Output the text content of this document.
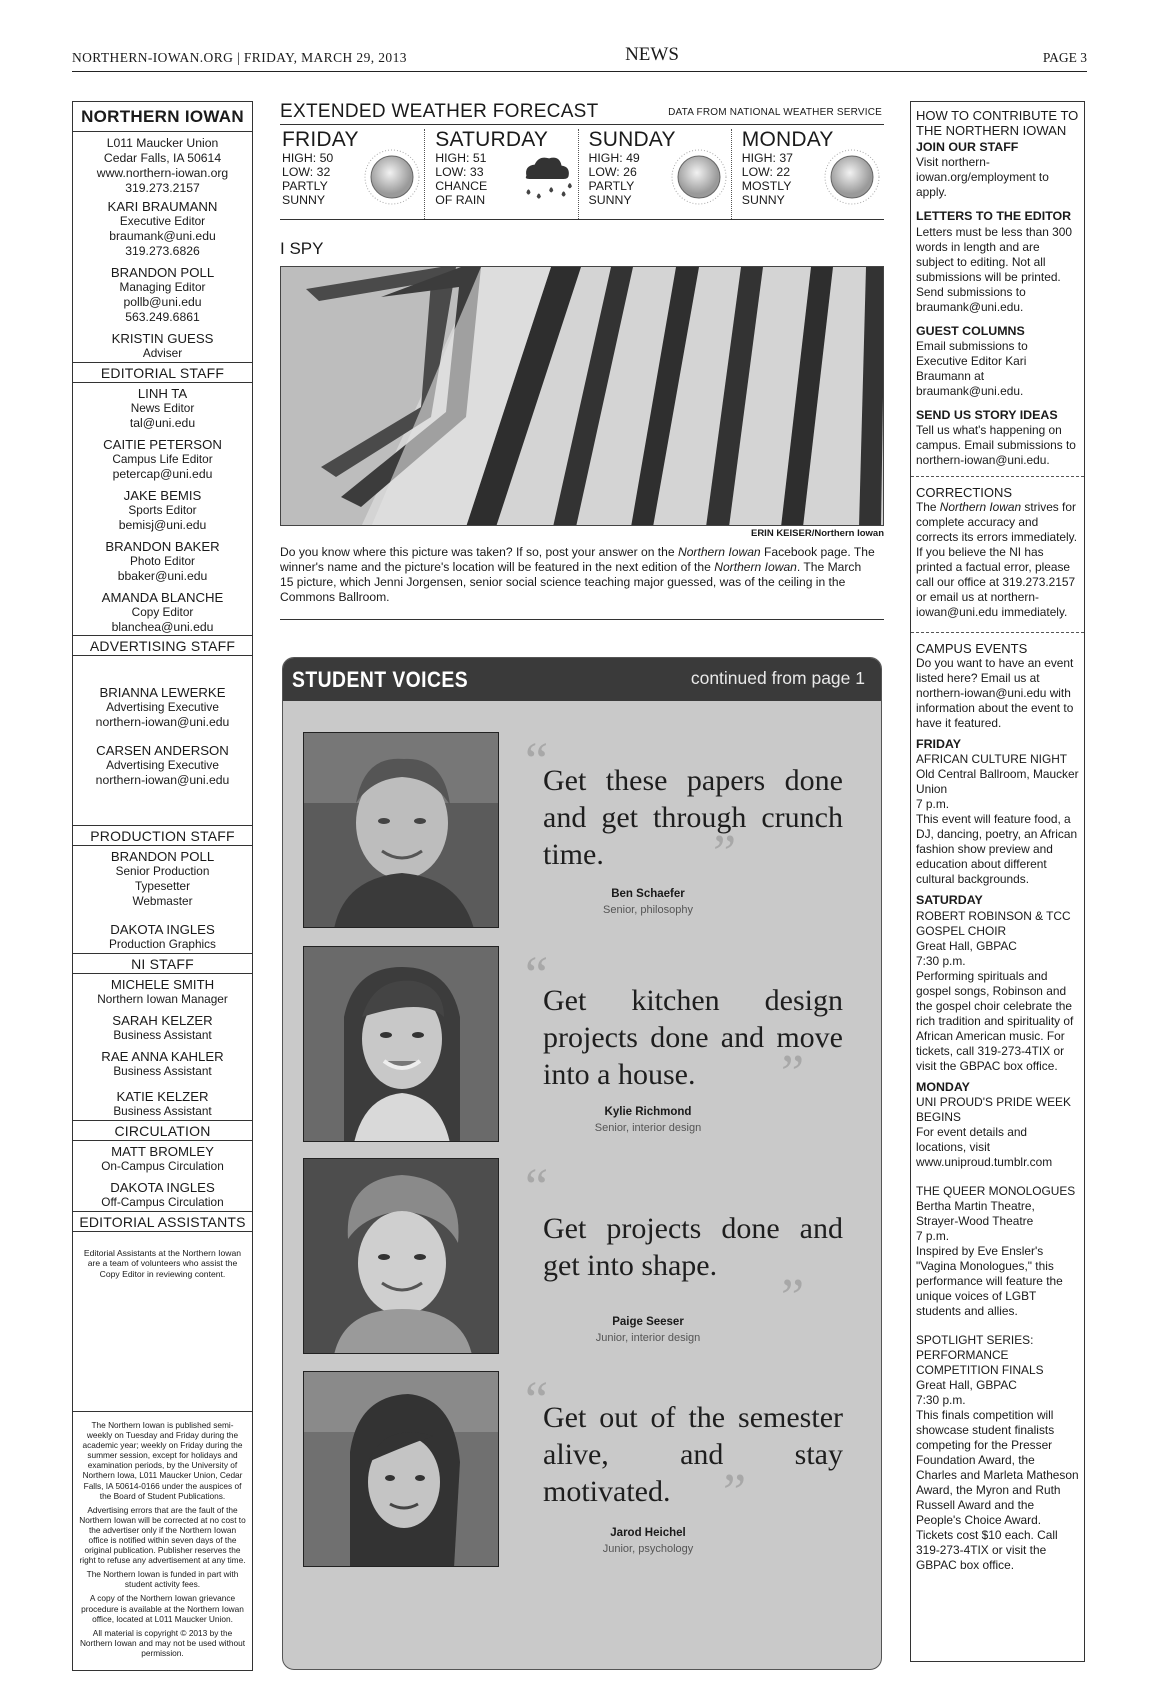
NORTHERN-IOWAN.ORG | FRIDAY, MARCH 29, 2013	NEWS	PAGE 3
NORTHERN IOWAN
L011 Maucker Union
Cedar Falls, IA 50614
www.northern-iowan.org
319.273.2157
KARI BRAUMANN
Executive Editor
braumank@uni.edu
319.273.6826
BRANDON POLL
Managing Editor
pollb@uni.edu
563.249.6861
KRISTIN GUESS
Adviser
EDITORIAL STAFF
LINH TA
News Editor
tal@uni.edu
CAITIE PETERSON
Campus Life Editor
petercap@uni.edu
JAKE BEMIS
Sports Editor
bemisj@uni.edu
BRANDON BAKER
Photo Editor
bbaker@uni.edu
AMANDA BLANCHE
Copy Editor
blanchea@uni.edu
ADVERTISING STAFF
BRIANNA LEWERKE
Advertising Executive
northern-iowan@uni.edu
CARSEN ANDERSON
Advertising Executive
northern-iowan@uni.edu
PRODUCTION STAFF
BRANDON POLL
Senior Production
Typesetter
Webmaster
DAKOTA INGLES
Production Graphics
NI STAFF
MICHELE SMITH
Northern Iowan Manager
SARAH KELZER
Business Assistant
RAE ANNA KAHLER
Business Assistant
KATIE KELZER
Business Assistant
CIRCULATION
MATT BROMLEY
On-Campus Circulation
DAKOTA INGLES
Off-Campus Circulation
EDITORIAL ASSISTANTS
Editorial Assistants at the Northern Iowan are a team of volunteers who assist the Copy Editor in reviewing content.

The Northern Iowan is published semi-weekly on Tuesday and Friday during the academic year; weekly on Friday during the summer session, except for holidays and examination periods, by the University of Northern Iowa, L011 Maucker Union, Cedar Falls, IA 50614-0166 under the auspices of the Board of Student Publications.

Advertising errors that are the fault of the Northern Iowan will be corrected at no cost to the advertiser only if the Northern Iowan office is notified within seven days of the original publication. Publisher reserves the right to refuse any advertisement at any time.

The Northern Iowan is funded in part with student activity fees.

A copy of the Northern Iowan grievance procedure is available at the Northern Iowan office, located at L011 Maucker Union.

All material is copyright © 2013 by the Northern Iowan and may not be used without permission.

EXTENDED WEATHER FORECAST	DATA FROM NATIONAL WEATHER SERVICE
FRIDAY
HIGH: 50
LOW: 32
PARTLY
SUNNY
SATURDAY
HIGH: 51
LOW: 33
CHANCE
OF RAIN
SUNDAY
HIGH: 49
LOW: 26
PARTLY
SUNNY
MONDAY
HIGH: 37
LOW: 22
MOSTLY
SUNNY
I SPY
ERIN KEISER/Northern Iowan
Do you know where this picture was taken? If so, post your answer on the Northern Iowan Facebook page. The winner's name and the picture's location will be featured in the next edition of the Northern Iowan. The March 15 picture, which Jenni Jorgensen, senior social science teaching major guessed, was of the ceiling in the Commons Ballroom.
STUDENT VOICES	continued from page 1
“
Get these papers done and get through crunch time.	”
Ben Schaefer
Senior, philosophy
“
Get kitchen design projects done and move into a house.	”
Kylie Richmond
Senior, interior design
“
Get projects done and get into shape.
”
Paige Seeser
Junior, interior design
“
Get out of the semester alive, and stay motivated.	”
Jarod Heichel
Junior, psychology
HOW TO CONTRIBUTE TO THE NORTHERN IOWAN
JOIN OUR STAFF
Visit northern-iowan.org/employment to apply.
LETTERS TO THE EDITOR
Letters must be less than 300 words in length and are subject to editing. Not all submissions will be printed. Send submissions to braumank@uni.edu.
GUEST COLUMNS
Email submissions to Executive Editor Kari Braumann at braumank@uni.edu.
SEND US STORY IDEAS
Tell us what's happening on campus. Email submissions to northern-iowan@uni.edu.
CORRECTIONS
The Northern Iowan strives for complete accuracy and corrects its errors immediately. If you believe the NI has printed a factual error, please call our office at 319.273.2157 or email us at northern-iowan@uni.edu immediately.
CAMPUS EVENTS
Do you want to have an event listed here? Email us at northern-iowan@uni.edu with information about the event to have it featured.
FRIDAY
AFRICAN CULTURE NIGHT
Old Central Ballroom, Maucker Union
7 p.m.
This event will feature food, a DJ, dancing, poetry, an African fashion show preview and education about different cultural backgrounds.
SATURDAY
ROBERT ROBINSON & TCC GOSPEL CHOIR
Great Hall, GBPAC
7:30 p.m.
Performing spirituals and gospel songs, Robinson and the gospel choir celebrate the rich tradition and spirituality of African American music. For tickets, call 319-273-4TIX or visit the GBPAC box office.
MONDAY
UNI PROUD'S PRIDE WEEK BEGINS
For event details and locations, visit www.uniproud.tumblr.com
THE QUEER MONOLOGUES
Bertha Martin Theatre, Strayer-Wood Theatre
7 p.m.
Inspired by Eve Ensler's "Vagina Monologues," this performance will feature the unique voices of LGBT students and allies.
SPOTLIGHT SERIES: PERFORMANCE COMPETITION FINALS
Great Hall, GBPAC
7:30 p.m.
This finals competition will showcase student finalists competing for the Presser Foundation Award, the Charles and Marleta Matheson Award, the Myron and Ruth Russell Award and the People's Choice Award. Tickets cost $10 each. Call 319-273-4TIX or visit the GBPAC box office.
